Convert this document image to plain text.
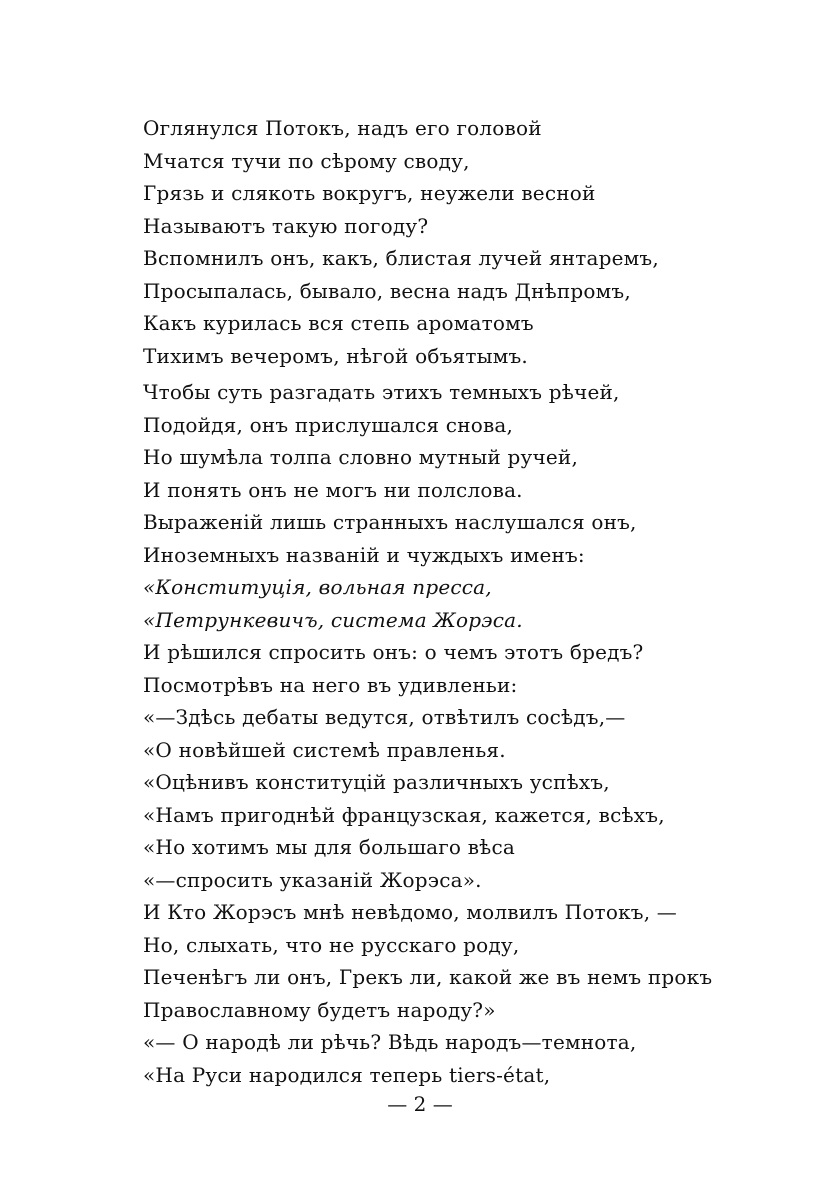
Оглянулся Потокъ, надъ его головой
Мчатся тучи по сѣрому своду,
Грязь и слякоть вокругъ, неужели весной
Называютъ такую погоду?
Вспомнилъ онъ, какъ, блистая лучей янтаремъ,
Просыпалась, бывало, весна надъ Днѣпромъ,
Какъ курилась вся степь ароматомъ
Тихимъ вечеромъ, нѣгой объятымъ.
Чтобы суть разгадать этихъ темныхъ рѣчей,
Подойдя, онъ прислушался снова,
Но шумѣла толпа словно мутный ручей,
И понять онъ не могъ ни полслова.
Выраженій лишь странныхъ наслушался онъ,
Иноземныхъ названій и чуждыхъ именъ:
«Конституція, вольная пресса,
«Петрункевичъ, система Жорэса.
И рѣшился спросить онъ: о чемъ этотъ бредъ?
Посмотрѣвъ на него въ удивленьи:
«—Здѣсь дебаты ведутся, отвѣтилъ сосѣдъ,—
«О новѣйшей системѣ правленья.
«Оцѣнивъ конституцій различныхъ успѣхъ,
«Намъ пригоднѣй французская, кажется, всѣхъ,
«Но хотимъ мы для большаго вѣса
«—спросить указаній Жорэса».
И Кто Жорэсъ мнѣ невѣдомо, молвилъ Потокъ, —
Но, слыхать, что не русскаго роду,
Печенѣгъ ли онъ, Грекъ ли, какой же въ немъ прокъ
Православному будетъ народу?»
«— О народѣ ли рѣчь? Вѣдь народъ—темнота,
«На Руси народился теперь tiers-état,
— 2 —
